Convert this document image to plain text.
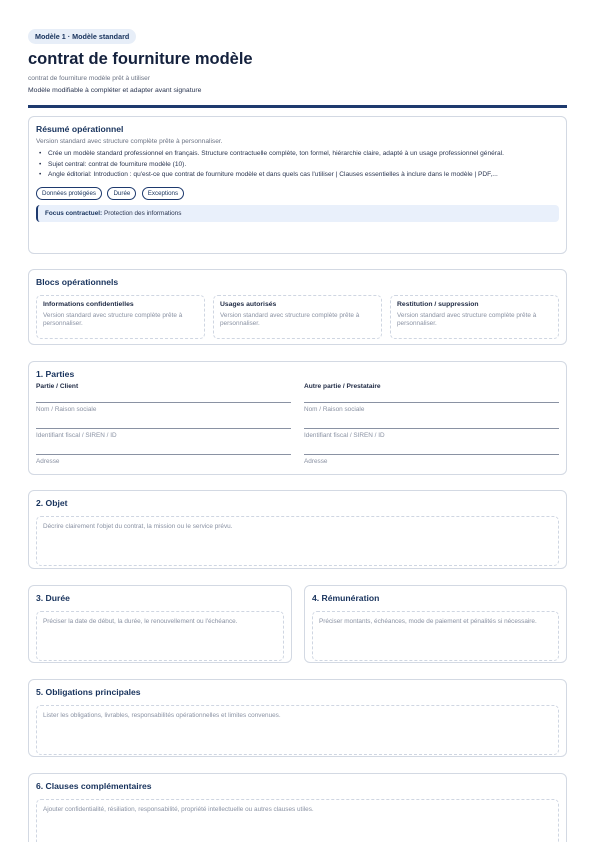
Modèle 1 · Modèle standard
contrat de fourniture modèle
contrat de fourniture modèle prêt à utiliser
Modèle modifiable à compléter et adapter avant signature
Résumé opérationnel
Version standard avec structure complète prête à personnaliser.
• Crée un modèle standard professionnel en français. Structure contractuelle complète, ton formel, hiérarchie claire, adapté à un usage professionnel général.
• Sujet central: contrat de fourniture modèle (10).
• Angle éditorial: Introduction : qu'est-ce que contrat de fourniture modèle et dans quels cas l'utiliser | Clauses essentielles à inclure dans le modèle | PDF,...
Données protégées	Durée	Exceptions
Focus contractuel: Protection des informations
Blocs opérationnels
Informations confidentielles
Version standard avec structure complète prête à personnaliser.
Usages autorisés
Version standard avec structure complète prête à personnaliser.
Restitution / suppression
Version standard avec structure complète prête à personnaliser.
1. Parties
Partie / Client
Nom / Raison sociale
Identifiant fiscal / SIREN / ID
Adresse
Autre partie / Prestataire
Nom / Raison sociale
Identifiant fiscal / SIREN / ID
Adresse
2. Objet
Décrire clairement l'objet du contrat, la mission ou le service prévu.
3. Durée
Préciser la date de début, la durée, le renouvellement ou l'échéance.
4. Rémunération
Préciser montants, échéances, mode de paiement et pénalités si nécessaire.
5. Obligations principales
Lister les obligations, livrables, responsabilités opérationnelles et limites convenues.
6. Clauses complémentaires
Ajouter confidentialité, résiliation, responsabilité, propriété intellectuelle ou autres clauses utiles.
